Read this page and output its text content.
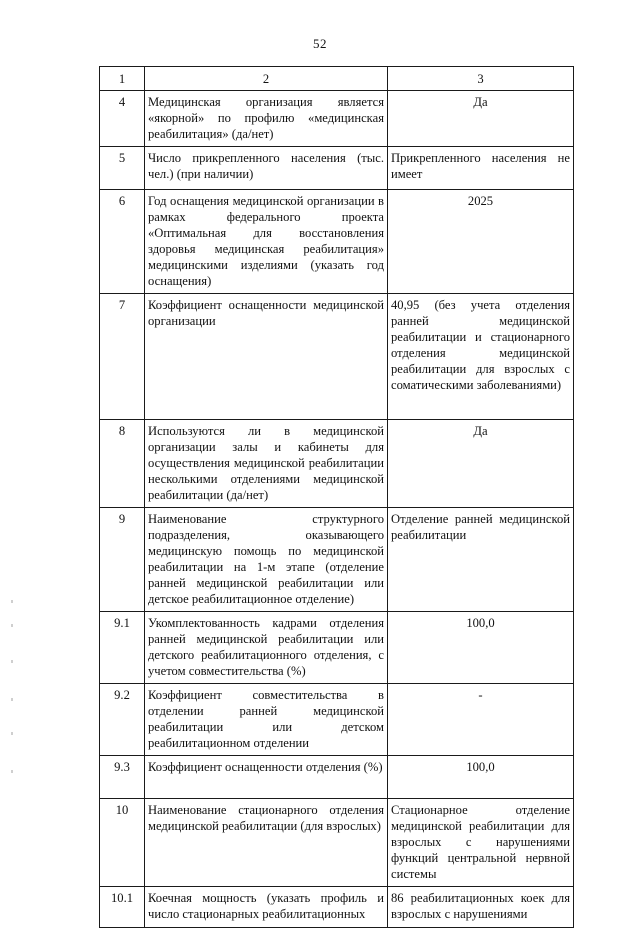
52
1	2	3
4	Медицинская организация является «якорной» по профилю «медицинская реабилитация» (да/нет)	Да
5	Число прикрепленного населения (тыс. чел.) (при наличии)	Прикрепленного населения не имеет
6	Год оснащения медицинской организации в рамках федерального проекта «Оптимальная для восстановления здоровья медицинская реабилитация» медицинскими изделиями (указать год оснащения)	2025
7	Коэффициент оснащенности медицинской организации	40,95 (без учета отделения ранней медицинской реабилитации и стационарного отделения медицинской реабилитации для взрослых с соматическими заболеваниями)
8	Используются ли в медицинской организации залы и кабинеты для осуществления медицинской реабилитации несколькими отделениями медицинской реабилитации (да/нет)	Да
9	Наименование структурного подразделения, оказывающего медицинскую помощь по медицинской реабилитации на 1-м этапе (отделение ранней медицинской реабилитации или детское реабилитационное отделение)	Отделение ранней медицинской реабилитации
9.1	Укомплектованность кадрами отделения ранней медицинской реабилитации или детского реабилитационного отделения, с учетом совместительства (%)	100,0
9.2	Коэффициент совместительства в отделении ранней медицинской реабилитации или детском реабилитационном отделении	-
9.3	Коэффициент оснащенности отделения (%)	100,0
10	Наименование стационарного отделения медицинской реабилитации (для взрослых)	Стационарное отделение медицинской реабилитации для взрослых с нарушениями функций центральной нервной системы
10.1	Коечная мощность (указать профиль и число стационарных реабилитационных	86 реабилитационных коек для взрослых с нарушениями
